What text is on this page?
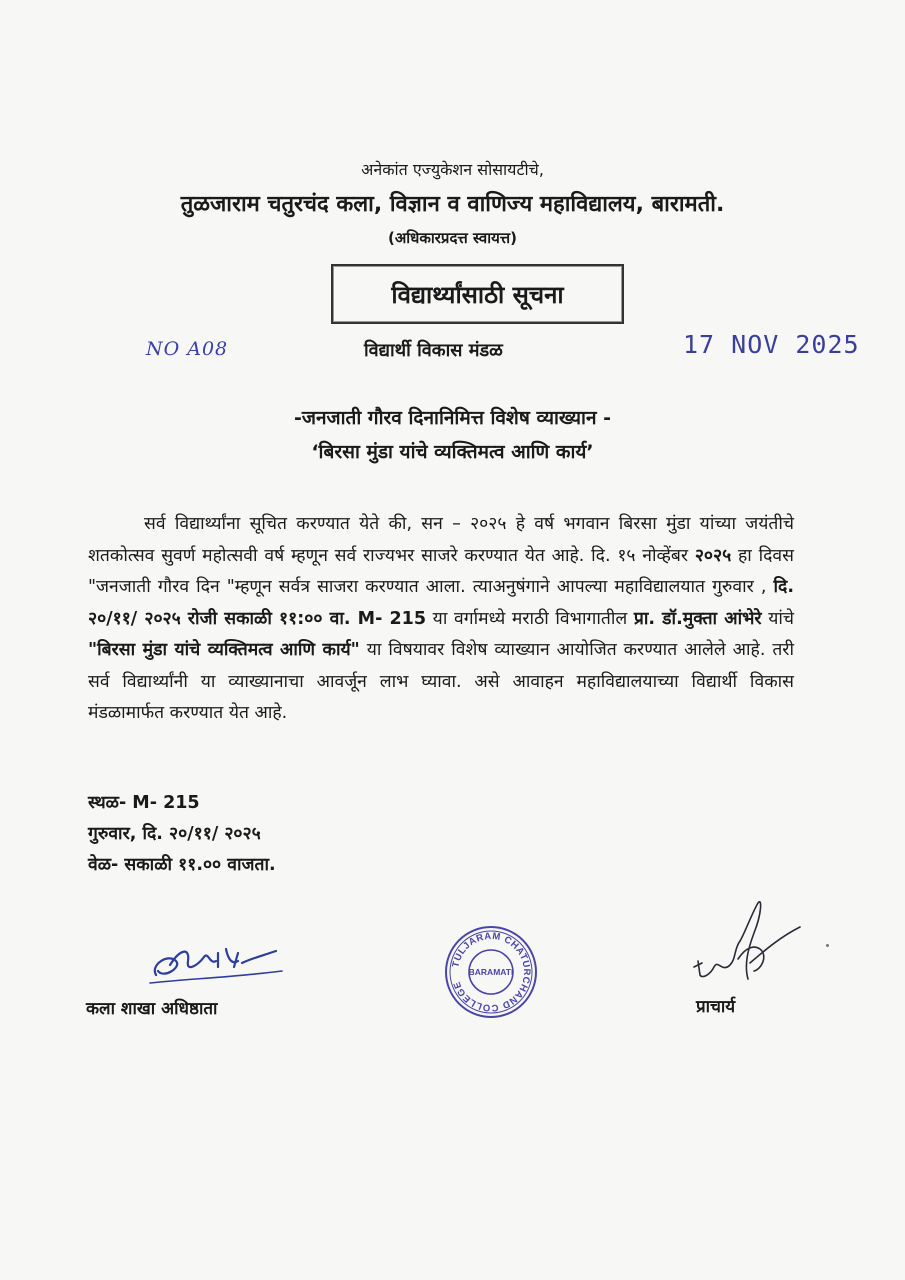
अनेकांत एज्युकेशन सोसायटीचे,
तुळजाराम चतुरचंद कला, विज्ञान व वाणिज्य महाविद्यालय, बारामती.
(अधिकारप्रदत्त स्वायत्त)
विद्यार्थ्यांसाठी सूचना
NO A08	विद्यार्थी विकास मंडळ	17 NOV 2025
-जनजाती गौरव दिनानिमित्त विशेष व्याख्यान -
‘बिरसा मुंडा यांचे व्यक्तिमत्व आणि कार्य’

सर्व विद्यार्थ्यांना सूचित करण्यात येते की, सन – २०२५ हे वर्ष भगवान बिरसा मुंडा यांच्या जयंतीचे शतकोत्सव सुवर्ण महोत्सवी वर्ष म्हणून सर्व राज्यभर साजरे करण्यात येत आहे. दि. १५ नोव्हेंबर २०२५ हा दिवस "जनजाती गौरव दिन "म्हणून सर्वत्र साजरा करण्यात आला. त्याअनुषंगाने आपल्या महाविद्यालयात गुरुवार , दि. २०/११/ २०२५ रोजी सकाळी ११:०० वा. M- 215 या वर्गामध्ये मराठी विभागातील प्रा. डॉ.मुक्ता आंभेरे यांचे "बिरसा मुंडा यांचे व्यक्तिमत्व आणि कार्य" या विषयावर विशेष व्याख्यान आयोजित करण्यात आलेले आहे. तरी सर्व विद्यार्थ्यांनी या व्याख्यानाचा आवर्जून लाभ घ्यावा. असे आवाहन महाविद्यालयाच्या विद्यार्थी विकास मंडळामार्फत करण्यात येत आहे.

स्थळ- M- 215
गुरुवार, दि. २०/११/ २०२५
वेळ- सकाळी ११.०० वाजता.
कला शाखा अधिष्ठाता
TULJARAM CHATURCHAND COLLEGE
BARAMATI
प्राचार्य
